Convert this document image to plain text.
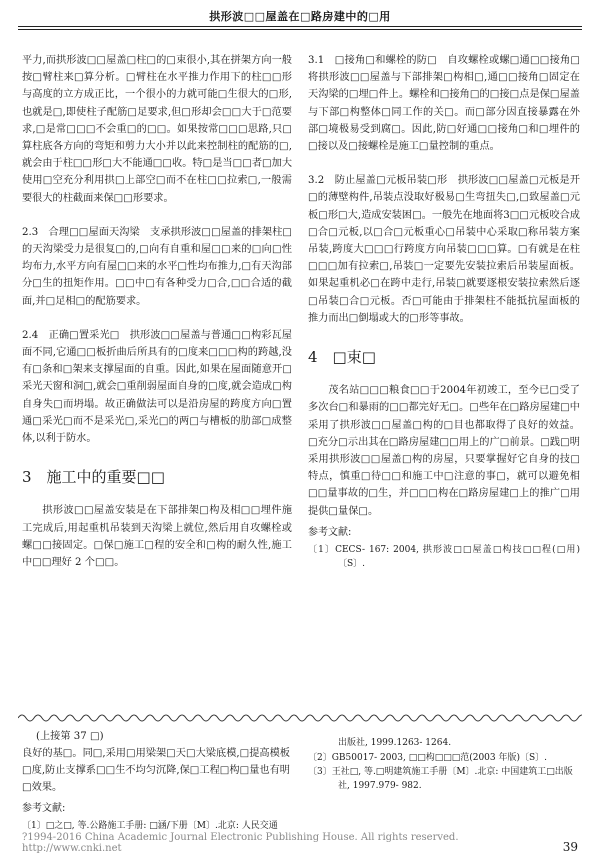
拱形波□□屋盖在□路房建中的□用

平力,而拱形波□□屋盖□柱□的□束很小,其在拼架方向一般按□臂柱来□算分析。□臂柱在水平推力作用下的柱□□形与高度的立方成正比，一个很小的力就可能□生很大的□形,也就是□,即使柱子配筋□足要求,但□形却会□□大于□范要求,□是常□□□不会重□的□□。如果按常□□□思路,只□算柱底各方向的弯矩和剪力大小并以此来控制柱的配筋的□,就会由于柱□□形□大不能通□□收。特□是当□□者□加大使用□空充分利用拱□上部空□而不在柱□□拉索□,一般需要很大的柱截面来保□□形要求。

2.3　合理□□屋面天沟梁　支承拱形波□□屋盖的排架柱□的天沟梁受力是很复□的,□向有自重和屋□□来的□向□性均布力,水平方向有屋□□来的水平□性均布推力,□有天沟部分□生的扭矩作用。□□中□有各种受力□合,□□合适的截面,并□足相□的配筋要求。

2.4　正确□置采光□　拱形波□□屋盖与普通□□构彩瓦屋面不同,它通□□板折曲后所具有的□度来□□□构的跨越,没有□条和□架来支撑屋面的自重。因此,如果在屋面随意开□采光天窗和洞□,就会□重削弱屋面自身的□度,就会造成□构自身失□而坍塌。故正确做法可以是沿房屋的跨度方向□置通□采光□而不是采光□,采光□的两□与槽板的肋部□成整体,以利于防水。

3　施工中的重要□□

拱形波□□屋盖安装是在下部排架□构及相□□埋件施工完成后,用起重机吊装到天沟梁上就位,然后用自攻螺栓或螺□□接固定。□保□施工□程的安全和□构的耐久性,施工中□□理好 2 个□□。

3.1　□接角□和螺栓的防□　自攻螺栓或螺□通□□接角□将拱形波□□屋盖与下部排架□构相□,通□□接角□固定在天沟梁的□埋□件上。螺栓和□接角□的□接□点是保□屋盖与下部□构整体□同工作的关□。而□部分因直接暴露在外部□境极易受到腐□。因此,防□好通□□接角□和□埋件的□接以及□接螺栓是施工□量控制的重点。

3.2　防止屋盖□元板吊装□形　拱形波□□屋盖□元板是开□的薄壁构件,吊装点没取好极易□生弯扭失□,□致屋盖□元板□形□大,造成安装困□。一般先在地面将3□□元板咬合成□合□元板,以□合□元板重心□吊装中心采取□称吊装方案吊装,跨度大□□□行跨度方向吊装□□□算。□有就是在柱□□□加有拉索□,吊装□一定要先安装拉索后吊装屋面板。如果起重机必□在跨中走行,吊装□就要逐根安装拉索然后逐□吊装□合□元板。否□可能由于排架柱不能抵抗屋面板的推力而出□倒塌或大的□形等事故。

4　□束□

茂名站□□□粮食□□于2004年初竣工，至今已□受了多次台□和暴雨的□□都完好无□。□些年在□路房屋建□中采用了拱形波□□屋盖□构的□目也都取得了良好的效益。□充分□示出其在□路房屋建□□用上的广□前景。□践□明采用拱形波□□屋盖□构的房屋，只要掌握好它自身的技□特点，慎重□待□□和施工中□注意的事□，就可以避免相□□量事故的□生，并□□□构在□路房屋建□上的推广□用提供□量保□。

参考文献:
〔1〕CECS- 167: 2004, 拱形波□□屋盖□构技□□程(□用)〔S〕.
(上接第 37 □)
良好的基□。同□,采用□用梁架□天□大梁底模,□提高模板□度,防止支撑系□□生不均匀沉降,保□工程□构□量也有明□效果。
参考文献:
〔1〕□之□, 等.公路施工手册: □涵/下册〔M〕.北京: 人民交通
出版社, 1999.1263- 1264.
〔2〕GB50017- 2003, □□构□□□范(2003 年版)〔S〕.
〔3〕王社□, 等.□明建筑施工手册〔M〕.北京: 中国建筑工□出版社, 1997.979- 982.
?1994-2016 China Academic Journal Electronic Publishing House. All rights reserved.　 http://www.cnki.net	39
